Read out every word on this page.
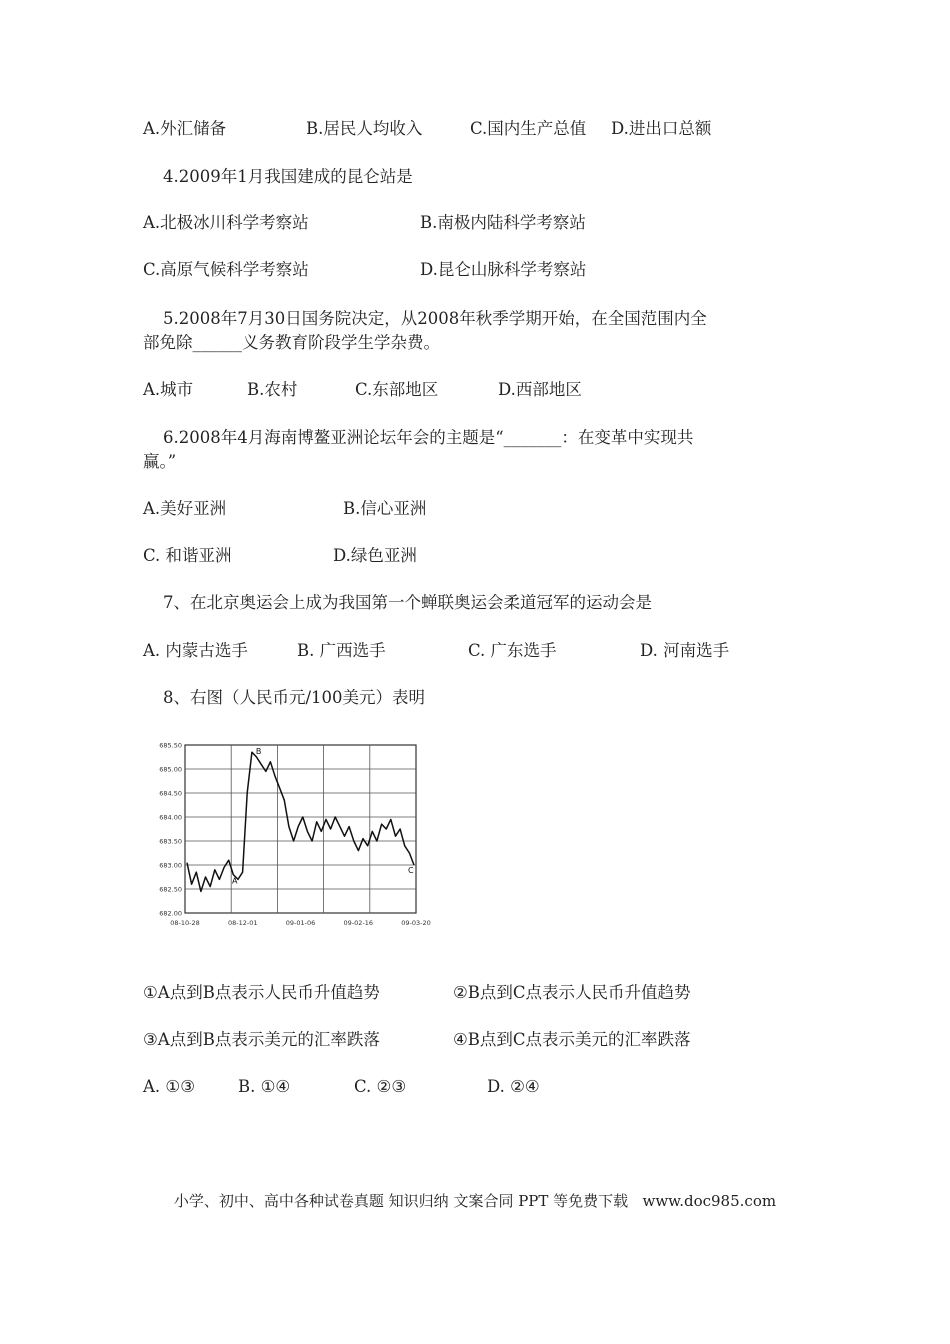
A.外汇储备	B.居民人均收入	C.国内生产总值 D.进出口总额
4.2009年1月我国建成的昆仑站是
A.北极冰川科学考察站	B.南极内陆科学考察站
C.高原气候科学考察站	D.昆仑山脉科学考察站
5.2008年7月30日国务院决定，从2008年秋季学期开始，在全国范围内全
部免除______义务教育阶段学生学杂费。
A.城市	B.农村	C.东部地区	D.西部地区
6.2008年4月海南博鳌亚洲论坛年会的主题是“_______：在变革中实现共
赢。”
A.美好亚洲	B.信心亚洲
C. 和谐亚洲	D.绿色亚洲
7、在北京奥运会上成为我国第一个蝉联奥运会柔道冠军的运动会是
A. 内蒙古选手	B. 广西选手	C. 广东选手	D. 河南选手
8、右图（人民币元/100美元）表明
685.50
685.00
684.50
684.00
683.50
683.00
682.50
682.00
08-10-28	08-12-01	09-01-06	09-02-16	09-03-20
A
B
C
①A点到B点表示人民币升值趋势	②B点到C点表示人民币升值趋势
③A点到B点表示美元的汇率跌落	④B点到C点表示美元的汇率跌落
A. ①③	B. ①④	C. ②③	D. ②④
小学、初中、高中各种试卷真题 知识归纳 文案合同 PPT 等免费下载   www.doc985.com
